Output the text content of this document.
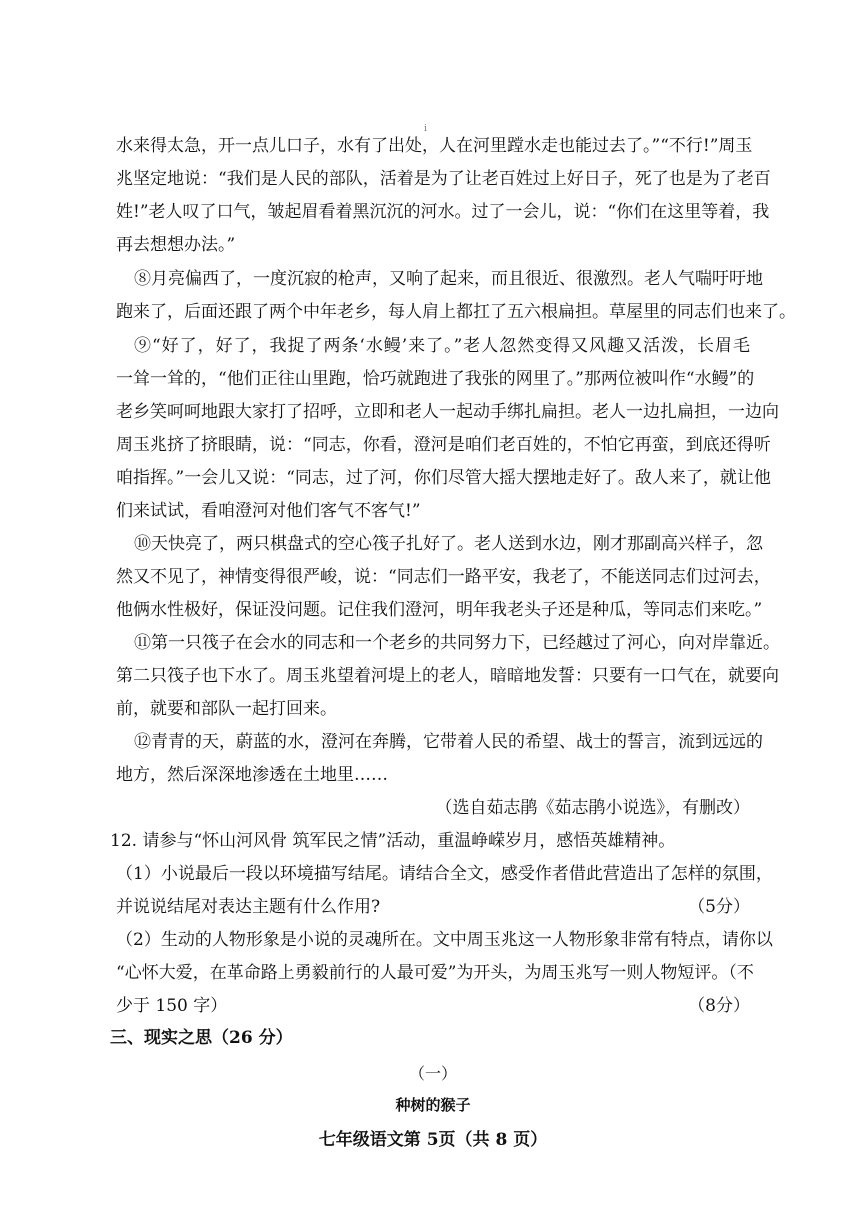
i
水来得太急，开一点儿口子，水有了出处，人在河里蹚水走也能过去了。”“不行!”周玉
兆坚定地说：“我们是人民的部队，活着是为了让老百姓过上好日子，死了也是为了老百
姓!”老人叹了口气，皱起眉看着黑沉沉的河水。过了一会儿，说：“你们在这里等着，我
再去想想办法。”
⑧月亮偏西了，一度沉寂的枪声，又响了起来，而且很近、很激烈。老人气喘吁吁地
跑来了，后面还跟了两个中年老乡，每人肩上都扛了五六根扁担。草屋里的同志们也来了。
⑨“好了，好了，我捉了两条‘水鳗’来了。”老人忽然变得又风趣又活泼，长眉毛
一耸一耸的，“他们正往山里跑，恰巧就跑进了我张的网里了。”那两位被叫作“水鳗”的
老乡笑呵呵地跟大家打了招呼，立即和老人一起动手绑扎扁担。老人一边扎扁担，一边向
周玉兆挤了挤眼睛，说：“同志，你看，澄河是咱们老百姓的，不怕它再蛮，到底还得听
咱指挥。”一会儿又说：“同志，过了河，你们尽管大摇大摆地走好了。敌人来了，就让他
们来试试，看咱澄河对他们客气不客气!”
⑩天快亮了，两只棋盘式的空心筏子扎好了。老人送到水边，刚才那副高兴样子，忽
然又不见了，神情变得很严峻，说：“同志们一路平安，我老了，不能送同志们过河去，
他俩水性极好，保证没问题。记住我们澄河，明年我老头子还是种瓜，等同志们来吃。”
⑪第一只筏子在会水的同志和一个老乡的共同努力下，已经越过了河心，向对岸靠近。
第二只筏子也下水了。周玉兆望着河堤上的老人，暗暗地发誓：只要有一口气在，就要向
前，就要和部队一起打回来。
⑫青青的天，蔚蓝的水，澄河在奔腾，它带着人民的希望、战士的誓言，流到远远的
地方，然后深深地渗透在土地里……
（选自茹志鹃《茹志鹃小说选》，有删改）
12. 请参与“怀山河风骨 筑军民之情”活动，重温峥嵘岁月，感悟英雄精神。
（1）小说最后一段以环境描写结尾。请结合全文，感受作者借此营造出了怎样的氛围，
并说说结尾对表达主题有什么作用?	（5分）
（2）生动的人物形象是小说的灵魂所在。文中周玉兆这一人物形象非常有特点，请你以
“心怀大爱，在革命路上勇毅前行的人最可爱”为开头，为周玉兆写一则人物短评。（不
少于 150 字）	（8分）
三、现实之思（26 分）
（一）
种树的猴子
七年级语文第 5页（共 8 页）
